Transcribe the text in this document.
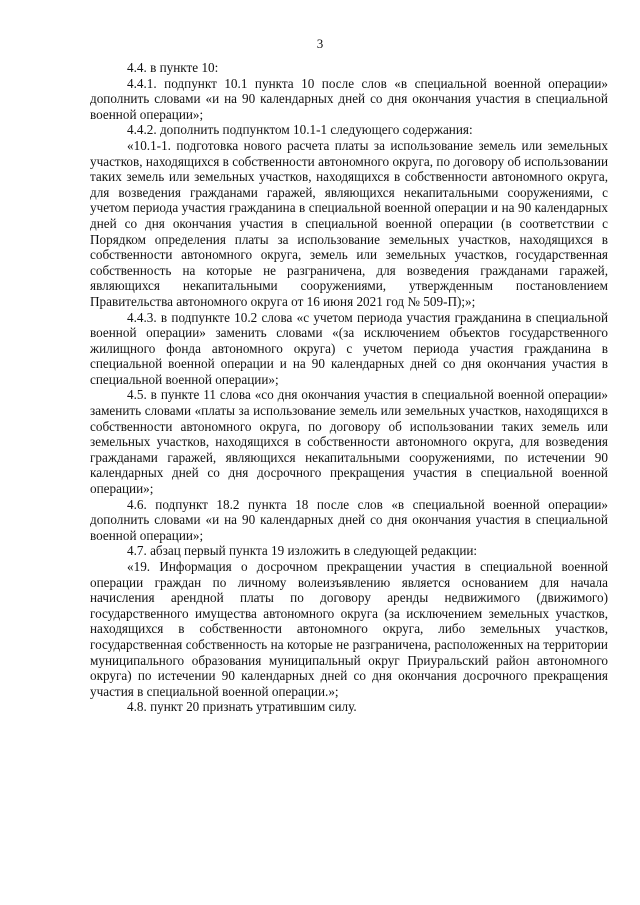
3

4.4. в пункте 10:

4.4.1. подпункт 10.1 пункта 10 после слов «в специальной военной операции» дополнить словами «и на 90 календарных дней со дня окончания участия в специальной военной операции»;

4.4.2. дополнить подпунктом 10.1-1 следующего содержания:

«10.1-1. подготовка нового расчета платы за использование земель или земельных участков, находящихся в собственности автономного округа, по договору об использовании таких земель или земельных участков, находящихся в собственности автономного округа, для возведения гражданами гаражей, являющихся некапитальными сооружениями, с учетом периода участия гражданина в специальной военной операции и на 90 календарных дней со дня окончания участия в специальной военной операции (в соответствии с Порядком определения платы за использование земельных участков, находящихся в собственности автономного округа, земель или земельных участков, государственная собственность на которые не разграничена, для возведения гражданами гаражей, являющихся некапитальными сооружениями, утвержденным постановлением Правительства автономного округа от 16 июня 2021 год № 509-П);»;

4.4.3. в подпункте 10.2 слова «с учетом периода участия гражданина в специальной военной операции» заменить словами «(за исключением объектов государственного жилищного фонда автономного округа) с учетом периода участия гражданина в специальной военной операции и на 90 календарных дней со дня окончания участия в специальной военной операции»;

4.5. в пункте 11 слова «со дня окончания участия в специальной военной операции» заменить словами «платы за использование земель или земельных участков, находящихся в собственности автономного округа, по договору об использовании таких земель или земельных участков, находящихся в собственности автономного округа, для возведения гражданами гаражей, являющихся некапитальными сооружениями, по истечении 90 календарных дней со дня досрочного прекращения участия в специальной военной операции»;

4.6. подпункт 18.2 пункта 18 после слов «в специальной военной операции» дополнить словами «и на 90 календарных дней со дня окончания участия в специальной военной операции»;

4.7. абзац первый пункта 19 изложить в следующей редакции:

«19. Информация о досрочном прекращении участия в специальной военной операции граждан по личному волеизъявлению является основанием для начала начисления арендной платы по договору аренды недвижимого (движимого) государственного имущества автономного округа (за исключением земельных участков, находящихся в собственности автономного округа, либо земельных участков, государственная собственность на которые не разграничена, расположенных на территории муниципального образования муниципальный округ Приуральский район автономного округа) по истечении 90 календарных дней со дня окончания досрочного прекращения участия в специальной военной операции.»;

4.8. пункт 20 признать утратившим силу.
